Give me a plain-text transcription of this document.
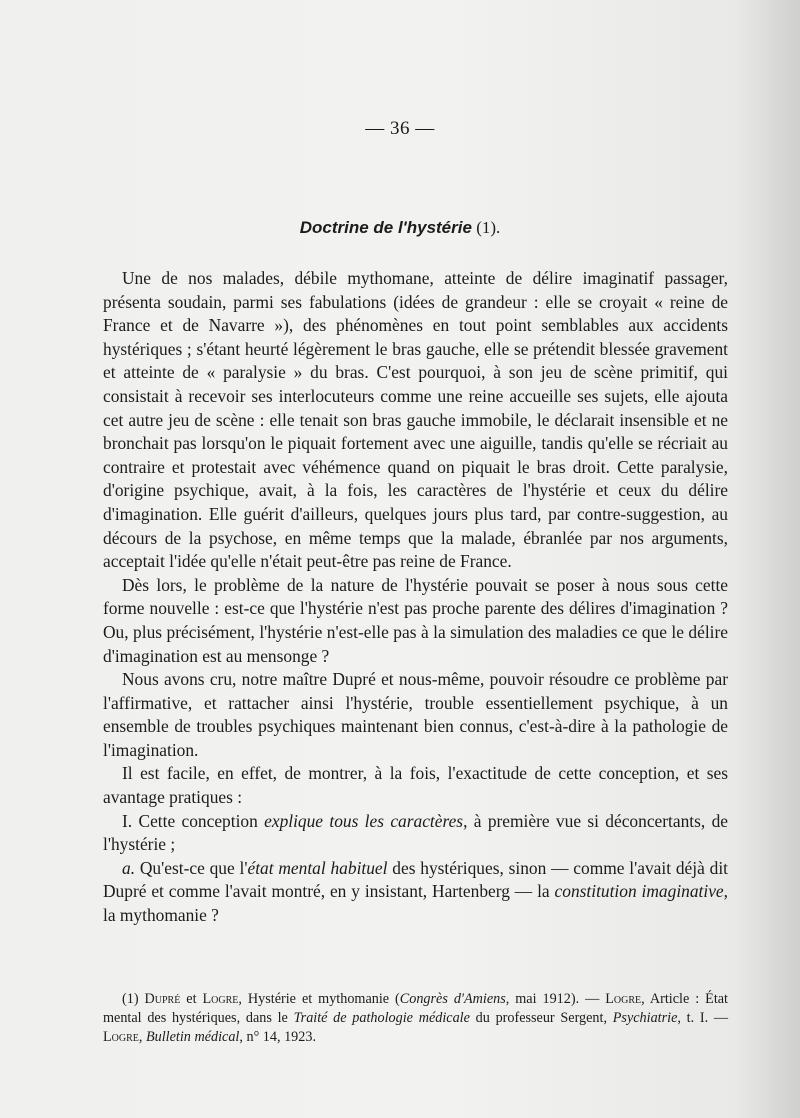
— 36 —
Doctrine de l'hystérie (1).

Une de nos malades, débile mythomane, atteinte de délire imaginatif passager, présenta soudain, parmi ses fabulations (idées de grandeur : elle se croyait « reine de France et de Navarre »), des phénomènes en tout point semblables aux accidents hystériques ; s'étant heurté légèrement le bras gauche, elle se prétendit blessée gravement et atteinte de « paralysie » du bras. C'est pourquoi, à son jeu de scène primitif, qui consistait à recevoir ses interlocuteurs comme une reine accueille ses sujets, elle ajouta cet autre jeu de scène : elle tenait son bras gauche immobile, le déclarait insensible et ne bronchait pas lorsqu'on le piquait fortement avec une aiguille, tandis qu'elle se récriait au contraire et protestait avec véhémence quand on piquait le bras droit. Cette paralysie, d'origine psychique, avait, à la fois, les caractères de l'hystérie et ceux du délire d'imagination. Elle guérit d'ailleurs, quelques jours plus tard, par contre-suggestion, au décours de la psychose, en même temps que la malade, ébranlée par nos arguments, acceptait l'idée qu'elle n'était peut-être pas reine de France.

Dès lors, le problème de la nature de l'hystérie pouvait se poser à nous sous cette forme nouvelle : est-ce que l'hystérie n'est pas proche parente des délires d'imagination ? Ou, plus précisément, l'hystérie n'est-elle pas à la simulation des maladies ce que le délire d'imagination est au mensonge ?

Nous avons cru, notre maître Dupré et nous-même, pouvoir résoudre ce problème par l'affirmative, et rattacher ainsi l'hystérie, trouble essentiellement psychique, à un ensemble de troubles psychiques maintenant bien connus, c'est-à-dire à la pathologie de l'imagination.

Il est facile, en effet, de montrer, à la fois, l'exactitude de cette conception, et ses avantage pratiques :

I. Cette conception explique tous les caractères, à première vue si déconcertants, de l'hystérie ;

a. Qu'est-ce que l'état mental habituel des hystériques, sinon — comme l'avait déjà dit Dupré et comme l'avait montré, en y insistant, Hartenberg — la constitution imaginative, la mythomanie ?

(1) Dupré et Logre, Hystérie et mythomanie (Congrès d'Amiens, mai 1912). — Logre, Article : État mental des hystériques, dans le Traité de pathologie médicale du professeur Sergent, Psychiatrie, t. I. — Logre, Bulletin médical, n° 14, 1923.
